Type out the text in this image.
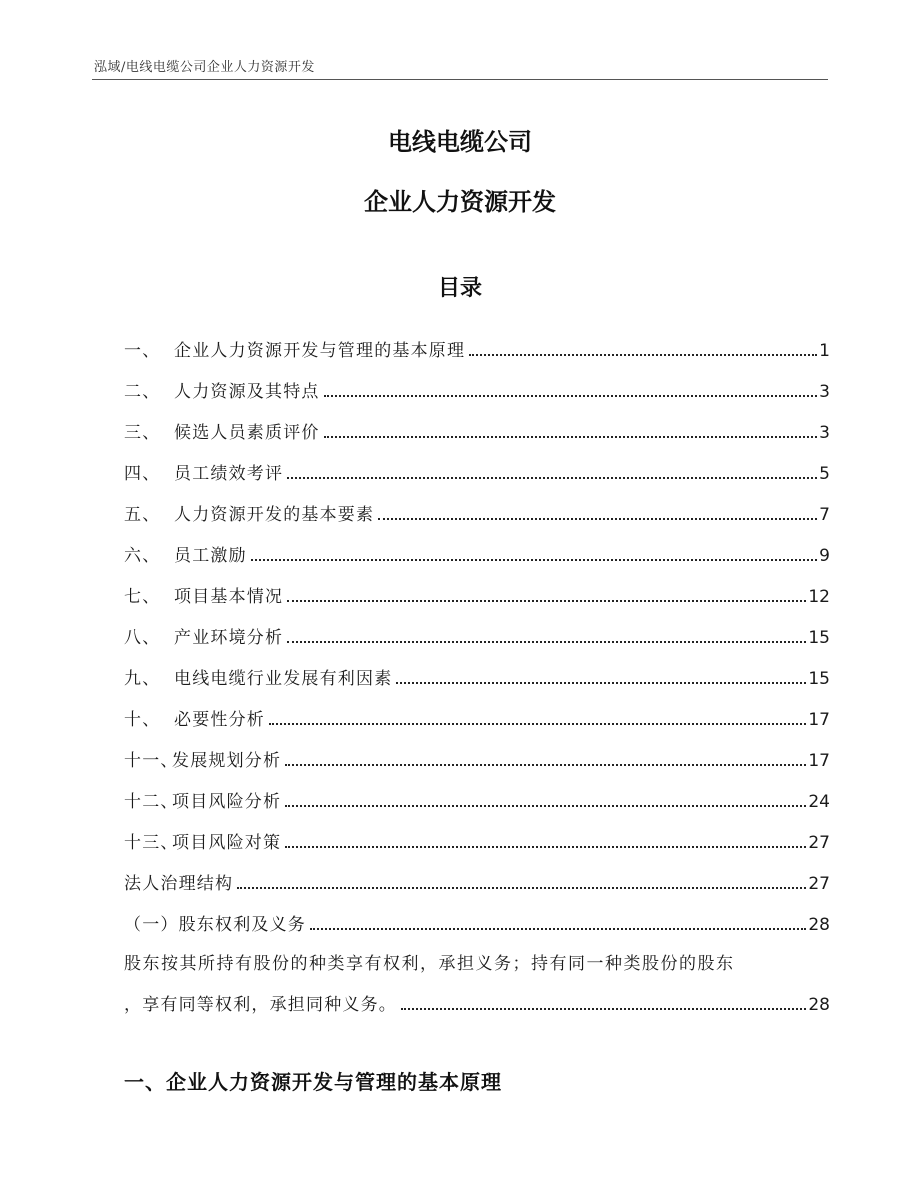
泓域/电线电缆公司企业人力资源开发
电线电缆公司
企业人力资源开发
目录
一、 企业人力资源开发与管理的基本原理	1
二、 人力资源及其特点	3
三、 候选人员素质评价	3
四、 员工绩效考评	5
五、 人力资源开发的基本要素	7
六、 员工激励	9
七、 项目基本情况	12
八、 产业环境分析	15
九、 电线电缆行业发展有利因素	15
十、 必要性分析	17
十一、发展规划分析	17
十二、项目风险分析	24
十三、项目风险对策	27
法人治理结构	27
（一）股东权利及义务	28
股东按其所持有股份的种类享有权利，承担义务；持有同一种类股份的股东
，享有同等权利，承担同种义务。	28
一、企业人力资源开发与管理的基本原理
